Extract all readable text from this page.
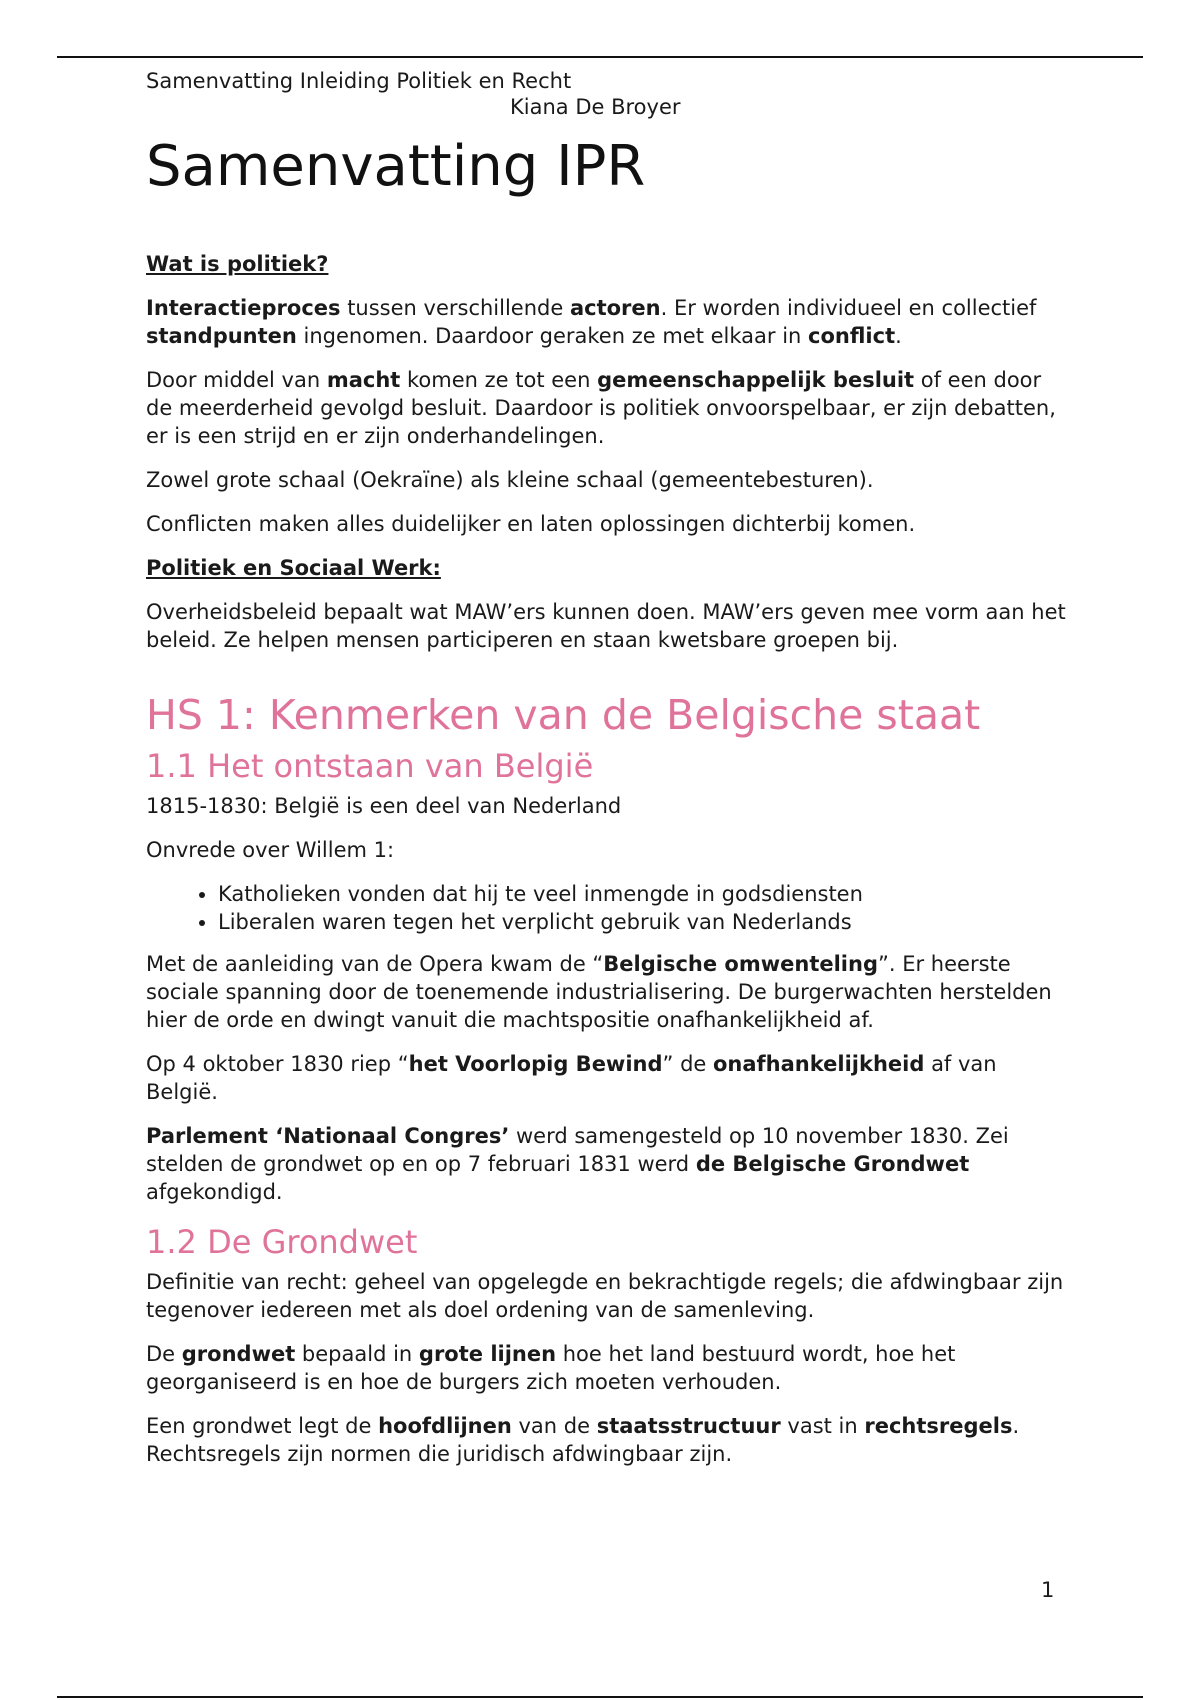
Samenvatting Inleiding Politiek en Recht

Kiana De Broyer

Samenvatting IPR
Wat is politiek?

Interactieproces tussen verschillende actoren. Er worden individueel en collectief standpunten ingenomen. Daardoor geraken ze met elkaar in conflict.

Door middel van macht komen ze tot een gemeenschappelijk besluit of een door de meerderheid gevolgd besluit. Daardoor is politiek onvoorspelbaar, er zijn debatten, er is een strijd en er zijn onderhandelingen.

Zowel grote schaal (Oekraïne) als kleine schaal (gemeentebesturen).

Conflicten maken alles duidelijker en laten oplossingen dichterbij komen.

Politiek en Sociaal Werk:

Overheidsbeleid bepaalt wat MAW’ers kunnen doen. MAW’ers geven mee vorm aan het beleid. Ze helpen mensen participeren en staan kwetsbare groepen bij.

HS 1: Kenmerken van de Belgische staat
1.1 Het ontstaan van België

1815-1830: België is een deel van Nederland

Onvrede over Willem 1:

• Katholieken vonden dat hij te veel inmengde in godsdiensten
• Liberalen waren tegen het verplicht gebruik van Nederlands

Met de aanleiding van de Opera kwam de “Belgische omwenteling”. Er heerste sociale spanning door de toenemende industrialisering. De burgerwachten herstelden hier de orde en dwingt vanuit die machtspositie onafhankelijkheid af.

Op 4 oktober 1830 riep “het Voorlopig Bewind” de onafhankelijkheid af van België.

Parlement ‘Nationaal Congres’ werd samengesteld op 10 november 1830. Zei stelden de grondwet op en op 7 februari 1831 werd de Belgische Grondwet afgekondigd.

1.2 De Grondwet

Definitie van recht: geheel van opgelegde en bekrachtigde regels; die afdwingbaar zijn tegenover iedereen met als doel ordening van de samenleving.

De grondwet bepaald in grote lijnen hoe het land bestuurd wordt, hoe het georganiseerd is en hoe de burgers zich moeten verhouden.

Een grondwet legt de hoofdlijnen van de staatsstructuur vast in rechtsregels. Rechtsregels zijn normen die juridisch afdwingbaar zijn.

1
